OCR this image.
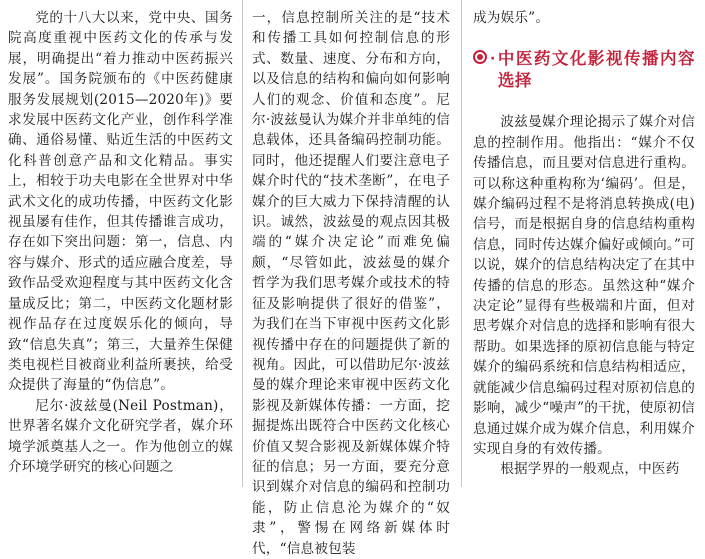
党的十八大以来，党中央、国务院高度重视中医药文化的传承与发展，明确提出“着力推动中医药振兴发展”。国务院颁布的《中医药健康服务发展规划(2015—2020年)》要求发展中医药文化产业，创作科学准确、通俗易懂、贴近生活的中医药文化科普创意产品和文化精品。事实上，相较于功夫电影在全世界对中华武术文化的成功传播，中医药文化影视虽屡有佳作，但其传播谁言成功，存在如下突出问题：第一，信息、内容与媒介、形式的适应融合度差，导致作品受欢迎程度与其中医药文化含量成反比；第二，中医药文化题材影视作品存在过度娱乐化的倾向，导致“信息失真”；第三，大量养生保健类电视栏目被商业利益所裹挟，给受众提供了海量的“伪信息”。

尼尔·波兹曼(Neil Postman)，世界著名媒介文化研究学者，媒介环境学派奠基人之一。作为他创立的媒介环境学研究的核心问题之

一，信息控制所关注的是“技术和传播工具如何控制信息的形式、数量、速度、分布和方向，以及信息的结构和偏向如何影响人们的观念、价值和态度”。尼尔·波兹曼认为媒介并非单纯的信息载体，还具备编码控制功能。同时，他还提醒人们要注意电子媒介时代的“技术垄断”，在电子媒介的巨大威力下保持清醒的认识。诚然，波兹曼的观点因其极端的“媒介决定论”而难免偏颇，“尽管如此，波兹曼的媒介哲学为我们思考媒介或技术的特征及影响提供了很好的借鉴”，为我们在当下审视中医药文化影视传播中存在的问题提供了新的视角。因此，可以借助尼尔·波兹曼的媒介理论来审视中医药文化影视及新媒体传播：一方面，挖掘提炼出既符合中医药文化核心价值又契合影视及新媒体媒介特征的信息；另一方面，要充分意识到媒介对信息的编码和控制功能，防止信息沦为媒介的“奴隶”，警惕在网络新媒体时代，“信息被包装

成为娱乐”。

· 中医药文化影视传播内容选择

波兹曼媒介理论揭示了媒介对信息的控制作用。他指出：“媒介不仅传播信息，而且要对信息进行重构。可以称这种重构称为‘编码’。但是，媒介编码过程不是将消息转换成(电)信号，而是根据自身的信息结构重构信息，同时传达媒介偏好或倾向。”可以说，媒介的信息结构决定了在其中传播的信息的形态。虽然这种“媒介决定论”显得有些极端和片面，但对思考媒介对信息的选择和影响有很大帮助。如果选择的原初信息能与特定媒介的编码系统和信息结构相适应，就能减少信息编码过程对原初信息的影响，减少“噪声”的干扰，使原初信息通过媒介成为媒介信息，利用媒介实现自身的有效传播。

根据学界的一般观点，中医药
